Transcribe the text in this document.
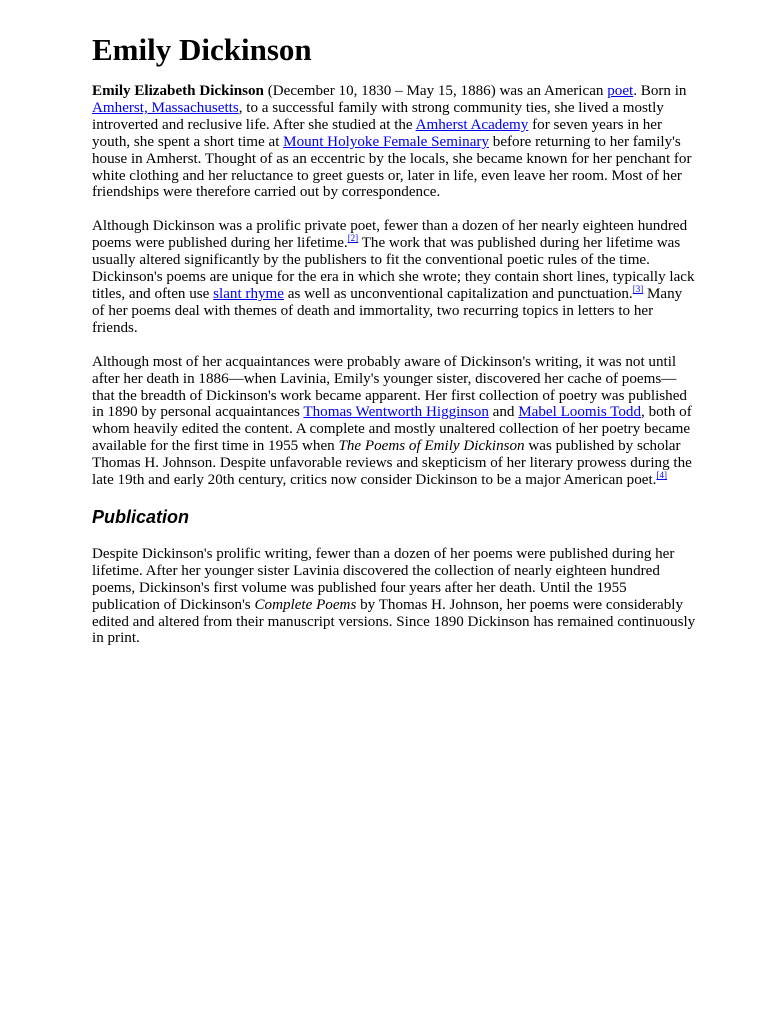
Emily Dickinson

Emily Elizabeth Dickinson (December 10, 1830 – May 15, 1886) was an American poet. Born in Amherst, Massachusetts, to a successful family with strong community ties, she lived a mostly introverted and reclusive life. After she studied at the Amherst Academy for seven years in her youth, she spent a short time at Mount Holyoke Female Seminary before returning to her family's house in Amherst. Thought of as an eccentric by the locals, she became known for her penchant for white clothing and her reluctance to greet guests or, later in life, even leave her room. Most of her friendships were therefore carried out by correspondence.

Although Dickinson was a prolific private poet, fewer than a dozen of her nearly eighteen hundred poems were published during her lifetime.[2] The work that was published during her lifetime was usually altered significantly by the publishers to fit the conventional poetic rules of the time. Dickinson's poems are unique for the era in which she wrote; they contain short lines, typically lack titles, and often use slant rhyme as well as unconventional capitalization and punctuation.[3] Many of her poems deal with themes of death and immortality, two recurring topics in letters to her friends.

Although most of her acquaintances were probably aware of Dickinson's writing, it was not until after her death in 1886—when Lavinia, Emily's younger sister, discovered her cache of poems—that the breadth of Dickinson's work became apparent. Her first collection of poetry was published in 1890 by personal acquaintances Thomas Wentworth Higginson and Mabel Loomis Todd, both of whom heavily edited the content. A complete and mostly unaltered collection of her poetry became available for the first time in 1955 when The Poems of Emily Dickinson was published by scholar Thomas H. Johnson. Despite unfavorable reviews and skepticism of her literary prowess during the late 19th and early 20th century, critics now consider Dickinson to be a major American poet.[4]

Publication

Despite Dickinson's prolific writing, fewer than a dozen of her poems were published during her lifetime. After her younger sister Lavinia discovered the collection of nearly eighteen hundred poems, Dickinson's first volume was published four years after her death. Until the 1955 publication of Dickinson's Complete Poems by Thomas H. Johnson, her poems were considerably edited and altered from their manuscript versions. Since 1890 Dickinson has remained continuously in print.
